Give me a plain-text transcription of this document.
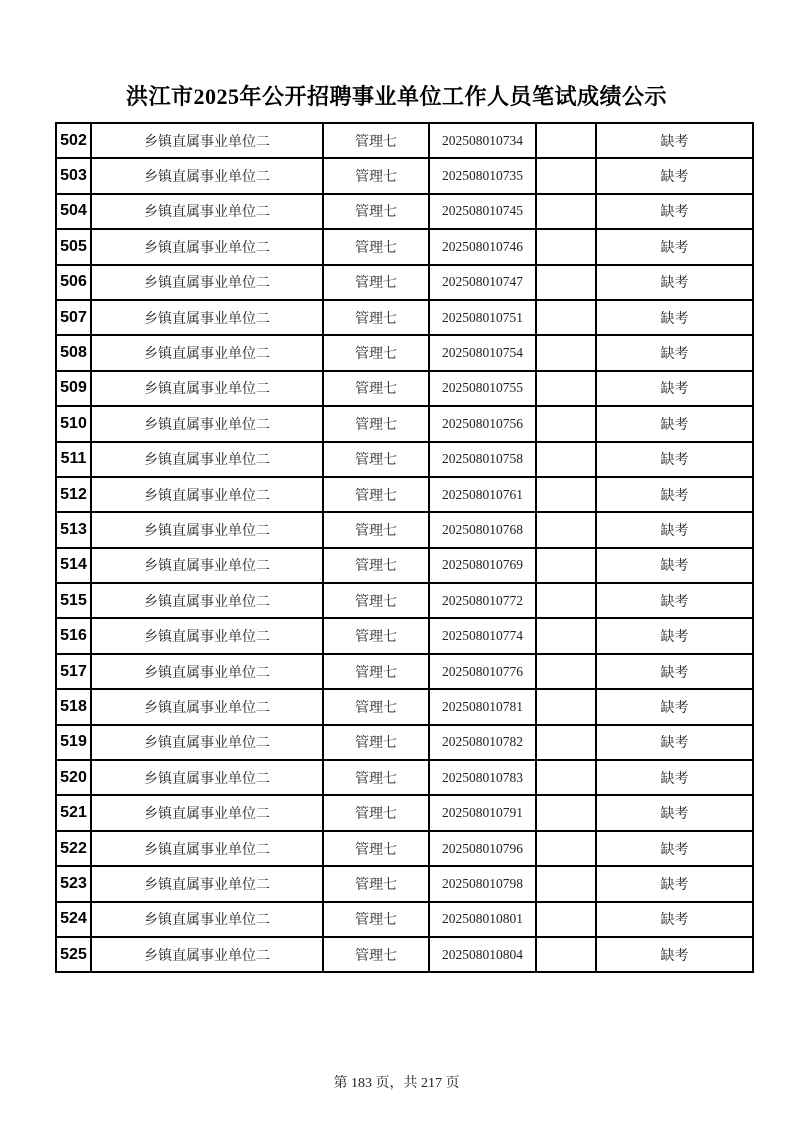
洪江市2025年公开招聘事业单位工作人员笔试成绩公示
502	乡镇直属事业单位二	管理七	202508010734		缺考
503	乡镇直属事业单位二	管理七	202508010735		缺考
504	乡镇直属事业单位二	管理七	202508010745		缺考
505	乡镇直属事业单位二	管理七	202508010746		缺考
506	乡镇直属事业单位二	管理七	202508010747		缺考
507	乡镇直属事业单位二	管理七	202508010751		缺考
508	乡镇直属事业单位二	管理七	202508010754		缺考
509	乡镇直属事业单位二	管理七	202508010755		缺考
510	乡镇直属事业单位二	管理七	202508010756		缺考
511	乡镇直属事业单位二	管理七	202508010758		缺考
512	乡镇直属事业单位二	管理七	202508010761		缺考
513	乡镇直属事业单位二	管理七	202508010768		缺考
514	乡镇直属事业单位二	管理七	202508010769		缺考
515	乡镇直属事业单位二	管理七	202508010772		缺考
516	乡镇直属事业单位二	管理七	202508010774		缺考
517	乡镇直属事业单位二	管理七	202508010776		缺考
518	乡镇直属事业单位二	管理七	202508010781		缺考
519	乡镇直属事业单位二	管理七	202508010782		缺考
520	乡镇直属事业单位二	管理七	202508010783		缺考
521	乡镇直属事业单位二	管理七	202508010791		缺考
522	乡镇直属事业单位二	管理七	202508010796		缺考
523	乡镇直属事业单位二	管理七	202508010798		缺考
524	乡镇直属事业单位二	管理七	202508010801		缺考
525	乡镇直属事业单位二	管理七	202508010804		缺考
第 183 页，共 217 页
